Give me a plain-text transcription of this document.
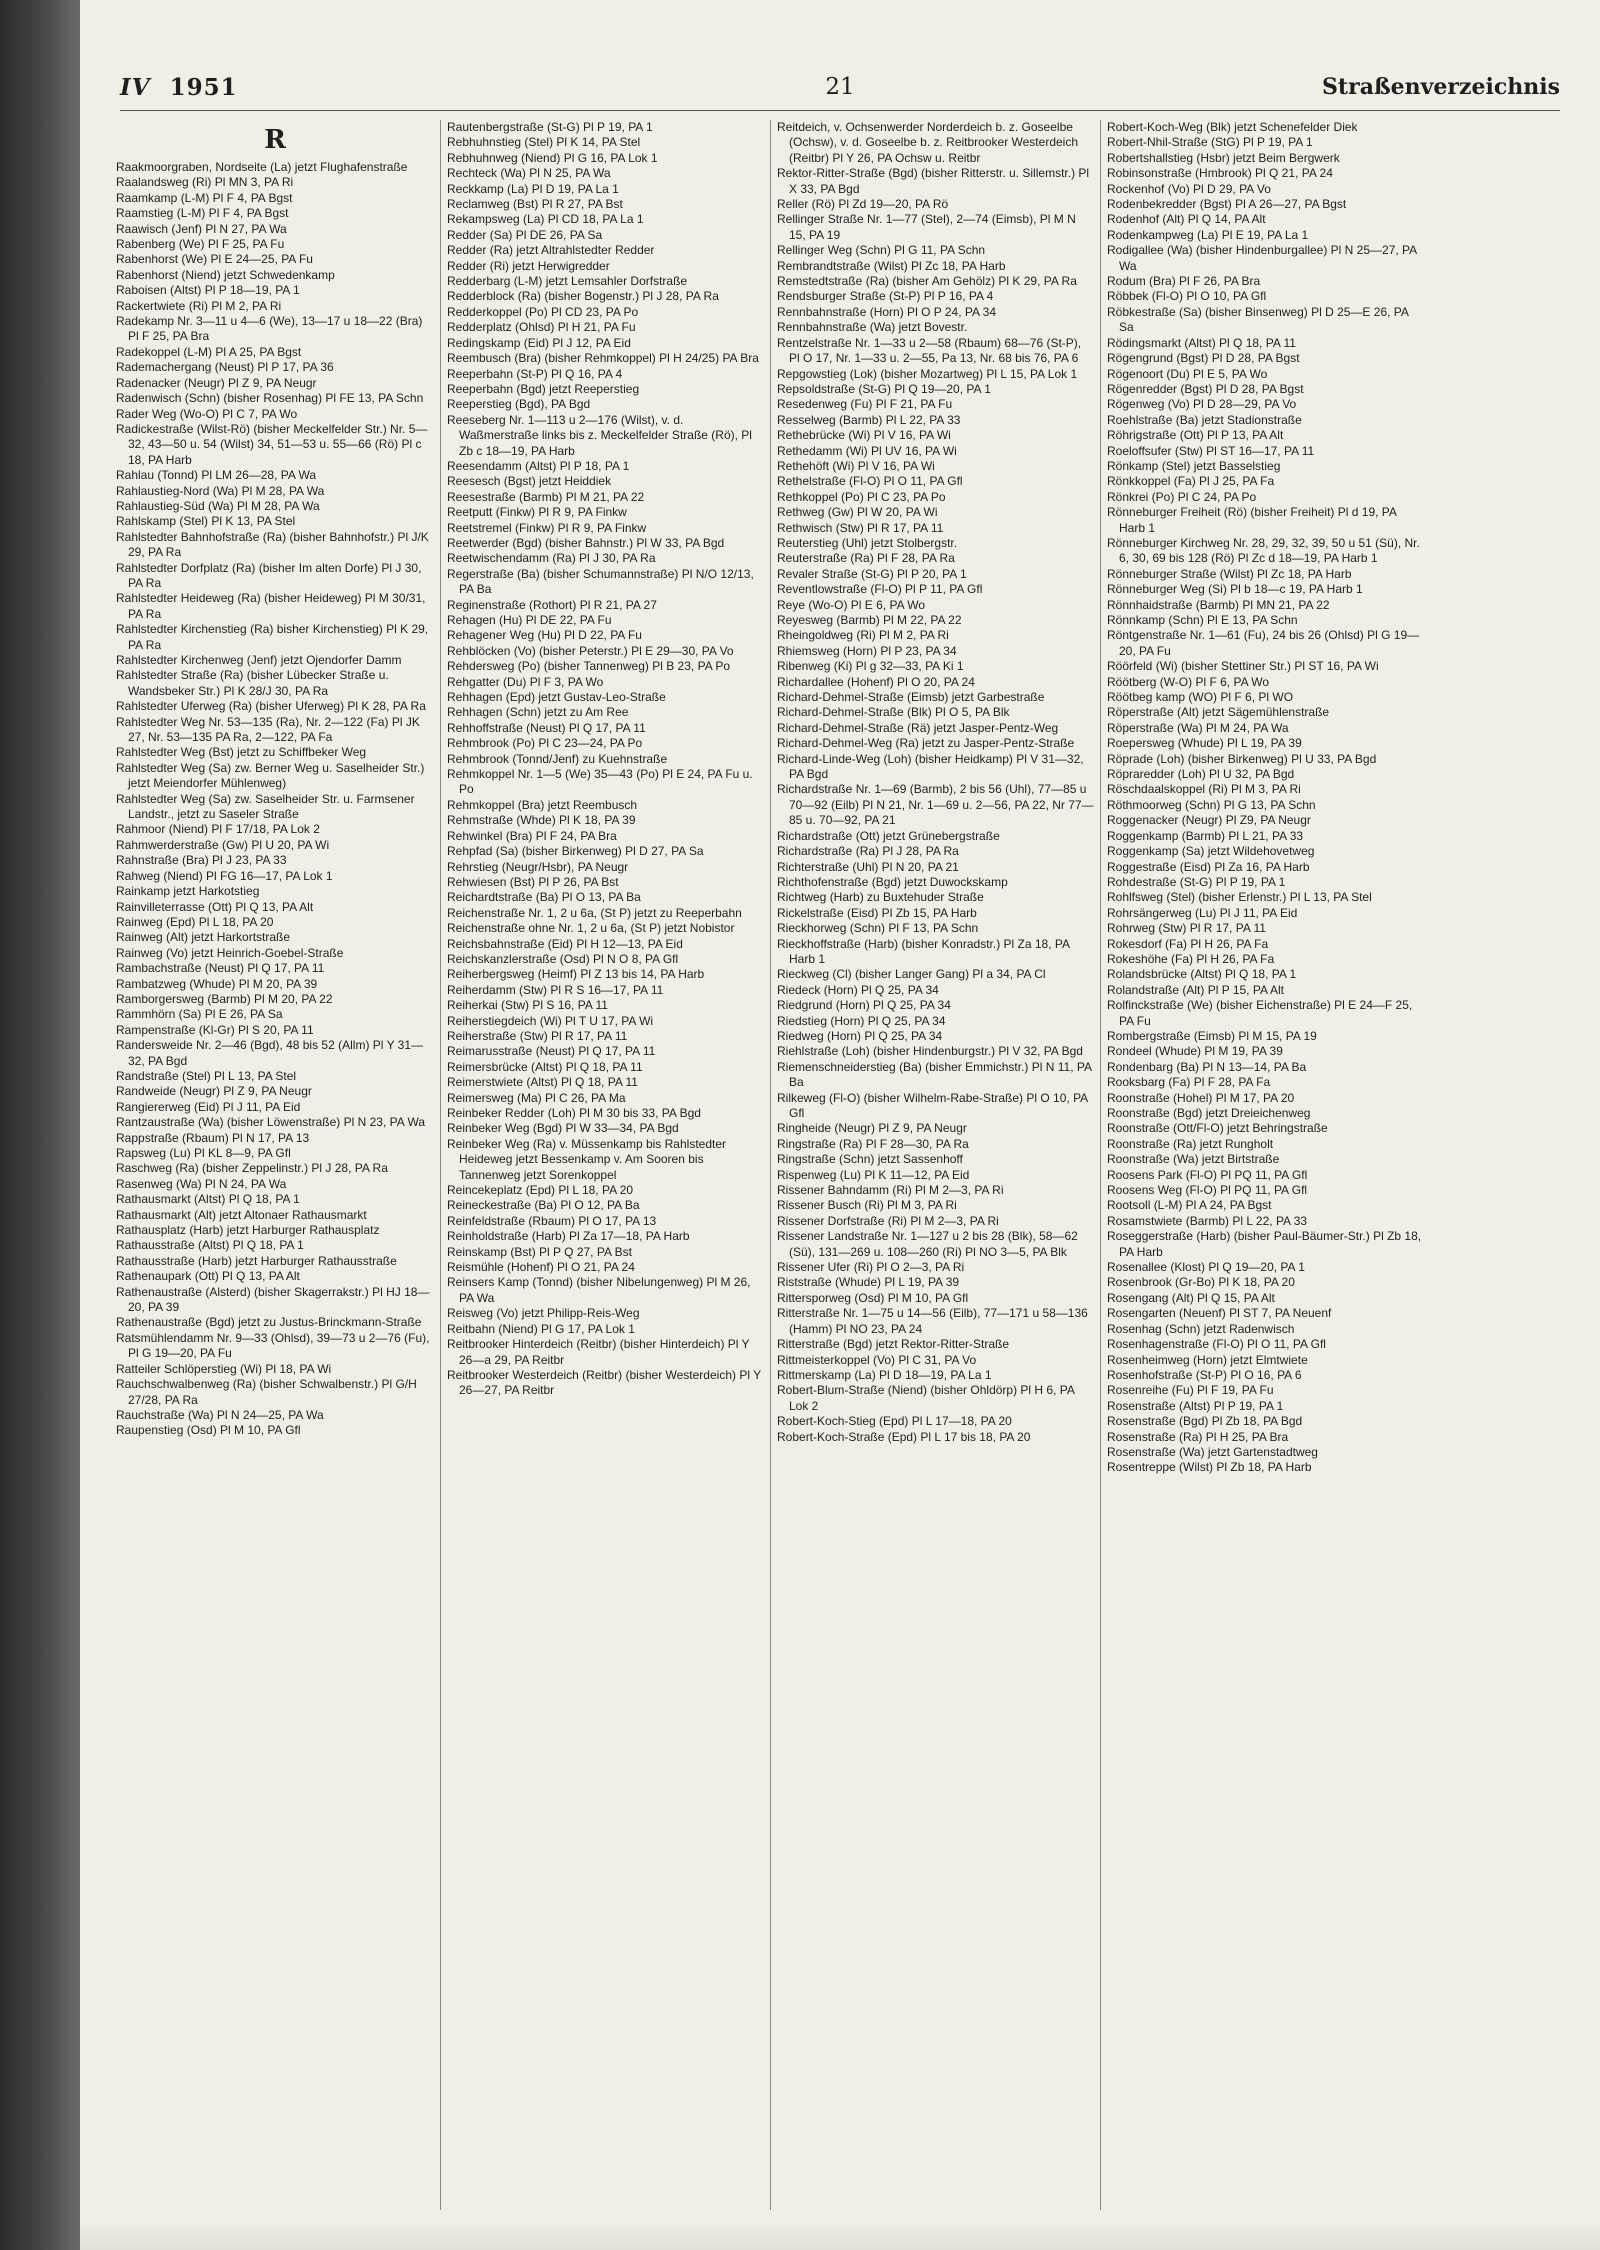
IV 1951	21	Straßenverzeichnis
R

Raakmoorgraben, Nordseite (La) jetzt Flughafenstraße

Raalandsweg (Ri) Pl MN 3, PA Ri

Raamkamp (L-M) Pl F 4, PA Bgst

Raamstieg (L-M) Pl F 4, PA Bgst

Raawisch (Jenf) Pl N 27, PA Wa

Rabenberg (We) Pl F 25, PA Fu

Rabenhorst (We) Pl E 24—25, PA Fu

Rabenhorst (Niend) jetzt Schwedenkamp

Raboisen (Altst) Pl P 18—19, PA 1

Rackertwiete (Ri) Pl M 2, PA Ri

Radekamp Nr. 3—11 u 4—6 (We), 13—17 u 18—22 (Bra) Pl F 25, PA Bra

Radekoppel (L-M) Pl A 25, PA Bgst

Rademachergang (Neust) Pl P 17, PA 36

Radenacker (Neugr) Pl Z 9, PA Neugr

Radenwisch (Schn) (bisher Rosenhag) Pl FE 13, PA Schn

Rader Weg (Wo-O) Pl C 7, PA Wo

Radickestraße (Wilst-Rö) (bisher Meckelfelder Str.) Nr. 5—32, 43—50 u. 54 (Wilst) 34, 51—53 u. 55—66 (Rö) Pl c 18, PA Harb

Rahlau (Tonnd) Pl LM 26—28, PA Wa

Rahlaustieg-Nord (Wa) Pl M 28, PA Wa

Rahlaustieg-Süd (Wa) Pl M 28, PA Wa

Rahlskamp (Stel) Pl K 13, PA Stel

Rahlstedter Bahnhofstraße (Ra) (bisher Bahnhofstr.) Pl J/K 29, PA Ra

Rahlstedter Dorfplatz (Ra) (bisher Im alten Dorfe) Pl J 30, PA Ra

Rahlstedter Heideweg (Ra) (bisher Heideweg) Pl M 30/31, PA Ra

Rahlstedter Kirchenstieg (Ra) bisher Kirchenstieg) Pl K 29, PA Ra

Rahlstedter Kirchenweg (Jenf) jetzt Ojendorfer Damm

Rahlstedter Straße (Ra) (bisher Lübecker Straße u. Wandsbeker Str.) Pl K 28/J 30, PA Ra

Rahlstedter Uferweg (Ra) (bisher Uferweg) Pl K 28, PA Ra

Rahlstedter Weg Nr. 53—135 (Ra), Nr. 2—122 (Fa) Pl JK 27, Nr. 53—135 PA Ra, 2—122, PA Fa

Rahlstedter Weg (Bst) jetzt zu Schiffbeker Weg

Rahlstedter Weg (Sa) zw. Berner Weg u. Saselheider Str.) jetzt Meiendorfer Mühlenweg)

Rahlstedter Weg (Sa) zw. Saselheider Str. u. Farmsener Landstr., jetzt zu Saseler Straße

Rahmoor (Niend) Pl F 17/18, PA Lok 2

Rahmwerderstraße (Gw) Pl U 20, PA Wi

Rahnstraße (Bra) Pl J 23, PA 33

Rahweg (Niend) Pl FG 16—17, PA Lok 1

Rainkamp jetzt Harkotstieg

Rainvilleterrasse (Ott) Pl Q 13, PA Alt

Rainweg (Epd) Pl L 18, PA 20

Rainweg (Alt) jetzt Harkortstraße

Rainweg (Vo) jetzt Heinrich-Goebel-Straße

Rambachstraße (Neust) Pl Q 17, PA 11

Rambatzweg (Whude) Pl M 20, PA 39

Ramborgersweg (Barmb) Pl M 20, PA 22

Rammhörn (Sa) Pl E 26, PA Sa

Rampenstraße (Kl-Gr) Pl S 20, PA 11

Randersweide Nr. 2—46 (Bgd), 48 bis 52 (Allm) Pl Y 31—32, PA Bgd

Randstraße (Stel) Pl L 13, PA Stel

Randweide (Neugr) Pl Z 9, PA Neugr

Rangiererweg (Eid) Pl J 11, PA Eid

Rantzaustraße (Wa) (bisher Löwenstraße) Pl N 23, PA Wa

Rappstraße (Rbaum) Pl N 17, PA 13

Rapsweg (Lu) Pl KL 8—9, PA Gfl

Raschweg (Ra) (bisher Zeppelinstr.) Pl J 28, PA Ra

Rasenweg (Wa) Pl N 24, PA Wa

Rathausmarkt (Altst) Pl Q 18, PA 1

Rathausmarkt (Alt) jetzt Altonaer Rathausmarkt

Rathausplatz (Harb) jetzt Harburger Rathausplatz

Rathausstraße (Altst) Pl Q 18, PA 1

Rathausstraße (Harb) jetzt Harburger Rathausstraße

Rathenaupark (Ott) Pl Q 13, PA Alt

Rathenaustraße (Alsterd) (bisher Skagerrakstr.) Pl HJ 18—20, PA 39

Rathenaustraße (Bgd) jetzt zu Justus-Brinckmann-Straße

Ratsmühlendamm Nr. 9—33 (Ohlsd), 39—73 u 2—76 (Fu), Pl G 19—20, PA Fu

Ratteiler Schlöperstieg (Wi) Pl 18, PA Wi

Rauchschwalbenweg (Ra) (bisher Schwalbenstr.) Pl G/H 27/28, PA Ra

Rauchstraße (Wa) Pl N 24—25, PA Wa

Raupenstieg (Osd) Pl M 10, PA Gfl

Rautenbergstraße (St-G) Pl P 19, PA 1

Rebhuhnstieg (Stel) Pl K 14, PA Stel

Rebhuhnweg (Niend) Pl G 16, PA Lok 1

Rechteck (Wa) Pl N 25, PA Wa

Reckkamp (La) Pl D 19, PA La 1

Reclamweg (Bst) Pl R 27, PA Bst

Rekampsweg (La) Pl CD 18, PA La 1

Redder (Sa) Pl DE 26, PA Sa

Redder (Ra) jetzt Altrahlstedter Redder

Redder (Ri) jetzt Herwigredder

Redderbarg (L-M) jetzt Lemsahler Dorfstraße

Redderblock (Ra) (bisher Bogenstr.) Pl J 28, PA Ra

Redderkoppel (Po) Pl CD 23, PA Po

Redderplatz (Ohlsd) Pl H 21, PA Fu

Redingskamp (Eid) Pl J 12, PA Eid

Reembusch (Bra) (bisher Rehmkoppel) Pl H 24/25) PA Bra

Reeperbahn (St-P) Pl Q 16, PA 4

Reeperbahn (Bgd) jetzt Reeperstieg

Reeperstieg (Bgd), PA Bgd

Reeseberg Nr. 1—113 u 2—176 (Wilst), v. d. Waßmerstraße links bis z. Meckelfelder Straße (Rö), Pl Zb c 18—19, PA Harb

Reesendamm (Altst) Pl P 18, PA 1

Reesesch (Bgst) jetzt Heiddiek

Reesestraße (Barmb) Pl M 21, PA 22

Reetputt (Finkw) Pl R 9, PA Finkw

Reetstremel (Finkw) Pl R 9, PA Finkw

Reetwerder (Bgd) (bisher Bahnstr.) Pl W 33, PA Bgd

Reetwischendamm (Ra) Pl J 30, PA Ra

Regerstraße (Ba) (bisher Schumannstraße) Pl N/O 12/13, PA Ba

Reginenstraße (Rothort) Pl R 21, PA 27

Rehagen (Hu) Pl DE 22, PA Fu

Rehagener Weg (Hu) Pl D 22, PA Fu

Rehblöcken (Vo) (bisher Peterstr.) Pl E 29—30, PA Vo

Rehdersweg (Po) (bisher Tannenweg) Pl B 23, PA Po

Rehgatter (Du) Pl F 3, PA Wo

Rehhagen (Epd) jetzt Gustav-Leo-Straße

Rehhagen (Schn) jetzt zu Am Ree

Rehhoffstraße (Neust) Pl Q 17, PA 11

Rehmbrook (Po) Pl C 23—24, PA Po

Rehmbrook (Tonnd/Jenf) zu Kuehnstraße

Rehmkoppel Nr. 1—5 (We) 35—43 (Po) Pl E 24, PA Fu u. Po

Rehmkoppel (Bra) jetzt Reembusch

Rehmstraße (Whde) Pl K 18, PA 39

Rehwinkel (Bra) Pl F 24, PA Bra

Rehpfad (Sa) (bisher Birkenweg) Pl D 27, PA Sa

Rehrstieg (Neugr/Hsbr), PA Neugr

Rehwiesen (Bst) Pl P 26, PA Bst

Reichardtstraße (Ba) Pl O 13, PA Ba

Reichenstraße Nr. 1, 2 u 6a, (St P) jetzt zu Reeperbahn

Reichenstraße ohne Nr. 1, 2 u 6a, (St P) jetzt Nobistor

Reichsbahnstraße (Eid) Pl H 12—13, PA Eid

Reichskanzlerstraße (Osd) Pl N O 8, PA Gfl

Reiherbergsweg (Heimf) Pl Z 13 bis 14, PA Harb

Reiherdamm (Stw) Pl R S 16—17, PA 11

Reiherkai (Stw) Pl S 16, PA 11

Reiherstiegdeich (Wi) Pl T U 17, PA Wi

Reiherstraße (Stw) Pl R 17, PA 11

Reimarusstraße (Neust) Pl Q 17, PA 11

Reimersbrücke (Altst) Pl Q 18, PA 11

Reimerstwiete (Altst) Pl Q 18, PA 11

Reimersweg (Ma) Pl C 26, PA Ma

Reinbeker Redder (Loh) Pl M 30 bis 33, PA Bgd

Reinbeker Weg (Bgd) Pl W 33—34, PA Bgd

Reinbeker Weg (Ra) v. Müssenkamp bis Rahlstedter Heideweg jetzt Bessenkamp v. Am Sooren bis Tannenweg jetzt Sorenkoppel

Reincekeplatz (Epd) Pl L 18, PA 20

Reineckestraße (Ba) Pl O 12, PA Ba

Reinfeldstraße (Rbaum) Pl O 17, PA 13

Reinholdstraße (Harb) Pl Za 17—18, PA Harb

Reinskamp (Bst) Pl P Q 27, PA Bst

Reismühle (Hohenf) Pl O 21, PA 24

Reinsers Kamp (Tonnd) (bisher Nibelungenweg) Pl M 26, PA Wa

Reisweg (Vo) jetzt Philipp-Reis-Weg

Reitbahn (Niend) Pl G 17, PA Lok 1

Reitbrooker Hinterdeich (Reitbr) (bisher Hinterdeich) Pl Y 26—a 29, PA Reitbr

Reitbrooker Westerdeich (Reitbr) (bisher Westerdeich) Pl Y 26—27, PA Reitbr

Reitdeich, v. Ochsenwerder Norderdeich b. z. Goseelbe (Ochsw), v. d. Goseelbe b. z. Reitbrooker Westerdeich (Reitbr) Pl Y 26, PA Ochsw u. Reitbr

Rektor-Ritter-Straße (Bgd) (bisher Ritterstr. u. Sillemstr.) Pl X 33, PA Bgd

Reller (Rö) Pl Zd 19—20, PA Rö

Rellinger Straße Nr. 1—77 (Stel), 2—74 (Eimsb), Pl M N 15, PA 19

Rellinger Weg (Schn) Pl G 11, PA Schn

Rembrandtstraße (Wilst) Pl Zc 18, PA Harb

Remstedtstraße (Ra) (bisher Am Gehölz) Pl K 29, PA Ra

Rendsburger Straße (St-P) Pl P 16, PA 4

Rennbahnstraße (Horn) Pl O P 24, PA 34

Rennbahnstraße (Wa) jetzt Bovestr.

Rentzelstraße Nr. 1—33 u 2—58 (Rbaum) 68—76 (St-P), Pl O 17, Nr. 1—33 u. 2—55, Pa 13, Nr. 68 bis 76, PA 6

Repgowstieg (Lok) (bisher Mozartweg) Pl L 15, PA Lok 1

Repsoldstraße (St-G) Pl Q 19—20, PA 1

Resedenweg (Fu) Pl F 21, PA Fu

Resselweg (Barmb) Pl L 22, PA 33

Rethebrücke (Wi) Pl V 16, PA Wi

Rethedamm (Wi) Pl UV 16, PA Wi

Rethehöft (Wi) Pl V 16, PA Wi

Rethelstraße (Fl-O) Pl O 11, PA Gfl

Rethkoppel (Po) Pl C 23, PA Po

Rethweg (Gw) Pl W 20, PA Wi

Rethwisch (Stw) Pl R 17, PA 11

Reuterstieg (Uhl) jetzt Stolbergstr.

Reuterstraße (Ra) Pl F 28, PA Ra

Revaler Straße (St-G) Pl P 20, PA 1

Reventlowstraße (Fl-O) Pl P 11, PA Gfl

Reye (Wo-O) Pl E 6, PA Wo

Reyesweg (Barmb) Pl M 22, PA 22

Rheingoldweg (Ri) Pl M 2, PA Ri

Rhiemsweg (Horn) Pl P 23, PA 34

Ribenweg (Ki) Pl g 32—33, PA Ki 1

Richardallee (Hohenf) Pl O 20, PA 24

Richard-Dehmel-Straße (Eimsb) jetzt Garbestraße

Richard-Dehmel-Straße (Blk) Pl O 5, PA Blk

Richard-Dehmel-Straße (Rä) jetzt Jasper-Pentz-Weg

Richard-Dehmel-Weg (Ra) jetzt zu Jasper-Pentz-Straße

Richard-Linde-Weg (Loh) (bisher Heidkamp) Pl V 31—32, PA Bgd

Richardstraße Nr. 1—69 (Barmb), 2 bis 56 (Uhl), 77—85 u 70—92 (Eilb) Pl N 21, Nr. 1—69 u. 2—56, PA 22, Nr 77—85 u. 70—92, PA 21

Richardstraße (Ott) jetzt Grünebergstraße

Richardstraße (Ra) Pl J 28, PA Ra

Richterstraße (Uhl) Pl N 20, PA 21

Richthofenstraße (Bgd) jetzt Duwockskamp

Richtweg (Harb) zu Buxtehuder Straße

Rickelstraße (Eisd) Pl Zb 15, PA Harb

Rieckhorweg (Schn) Pl F 13, PA Schn

Rieckhoffstraße (Harb) (bisher Konradstr.) Pl Za 18, PA Harb 1

Rieckweg (Cl) (bisher Langer Gang) Pl a 34, PA Cl

Riedeck (Horn) Pl Q 25, PA 34

Riedgrund (Horn) Pl Q 25, PA 34

Riedstieg (Horn) Pl Q 25, PA 34

Riedweg (Horn) Pl Q 25, PA 34

Riehlstraße (Loh) (bisher Hindenburgstr.) Pl V 32, PA Bgd

Riemenschneiderstieg (Ba) (bisher Emmichstr.) Pl N 11, PA Ba

Rilkeweg (Fl-O) (bisher Wilhelm-Rabe-Straße) Pl O 10, PA Gfl

Ringheide (Neugr) Pl Z 9, PA Neugr

Ringstraße (Ra) Pl F 28—30, PA Ra

Ringstraße (Schn) jetzt Sassenhoff

Rispenweg (Lu) Pl K 11—12, PA Eid

Rissener Bahndamm (Ri) Pl M 2—3, PA Ri

Rissener Busch (Ri) Pl M 3, PA Ri

Rissener Dorfstraße (Ri) Pl M 2—3, PA Ri

Rissener Landstraße Nr. 1—127 u 2 bis 28 (Blk), 58—62 (Sü), 131—269 u. 108—260 (Ri) Pl NO 3—5, PA Blk

Rissener Ufer (Ri) Pl O 2—3, PA Ri

Riststraße (Whude) Pl L 19, PA 39

Rittersporweg (Osd) Pl M 10, PA Gfl

Ritterstraße Nr. 1—75 u 14—56 (Eilb), 77—171 u 58—136 (Hamm) Pl NO 23, PA 24

Ritterstraße (Bgd) jetzt Rektor-Ritter-Straße

Rittmeisterkoppel (Vo) Pl C 31, PA Vo

Rittmerskamp (La) Pl D 18—19, PA La 1

Robert-Blum-Straße (Niend) (bisher Ohldörp) Pl H 6, PA Lok 2

Robert-Koch-Stieg (Epd) Pl L 17—18, PA 20

Robert-Koch-Straße (Epd) Pl L 17 bis 18, PA 20

Robert-Koch-Weg (Blk) jetzt Schenefelder Diek

Robert-Nhil-Straße (StG) Pl P 19, PA 1

Robertshallstieg (Hsbr) jetzt Beim Bergwerk

Robinsonstraße (Hmbrook) Pl Q 21, PA 24

Rockenhof (Vo) Pl D 29, PA Vo

Rodenbekredder (Bgst) Pl A 26—27, PA Bgst

Rodenhof (Alt) Pl Q 14, PA Alt

Rodenkampweg (La) Pl E 19, PA La 1

Rodigallee (Wa) (bisher Hindenburgallee) Pl N 25—27, PA Wa

Rodum (Bra) Pl F 26, PA Bra

Röbbek (Fl-O) Pl O 10, PA Gfl

Röbkestraße (Sa) (bisher Binsenweg) Pl D 25—E 26, PA Sa

Rödingsmarkt (Altst) Pl Q 18, PA 11

Rögengrund (Bgst) Pl D 28, PA Bgst

Rögenoort (Du) Pl E 5, PA Wo

Rögenredder (Bgst) Pl D 28, PA Bgst

Rögenweg (Vo) Pl D 28—29, PA Vo

Roehlstraße (Ba) jetzt Stadionstraße

Röhrigstraße (Ott) Pl P 13, PA Alt

Roeloffsufer (Stw) Pl ST 16—17, PA 11

Rönkamp (Stel) jetzt Basselstieg

Rönkkoppel (Fa) Pl J 25, PA Fa

Rönkrei (Po) Pl C 24, PA Po

Rönneburger Freiheit (Rö) (bisher Freiheit) Pl d 19, PA Harb 1

Rönneburger Kirchweg Nr. 28, 29, 32, 39, 50 u 51 (Sü), Nr. 6, 30, 69 bis 128 (Rö) Pl Zc d 18—19, PA Harb 1

Rönneburger Straße (Wilst) Pl Zc 18, PA Harb

Rönneburger Weg (Si) Pl b 18—c 19, PA Harb 1

Rönnhaidstraße (Barmb) Pl MN 21, PA 22

Rönnkamp (Schn) Pl E 13, PA Schn

Röntgenstraße Nr. 1—61 (Fu), 24 bis 26 (Ohlsd) Pl G 19—20, PA Fu

Röörfeld (Wi) (bisher Stettiner Str.) Pl ST 16, PA Wi

Röötberg (W-O) Pl F 6, PA Wo

Röötbeg kamp (WO) Pl F 6, Pl WO

Röperstraße (Alt) jetzt Sägemühlenstraße

Röperstraße (Wa) Pl M 24, PA Wa

Roepersweg (Whude) Pl L 19, PA 39

Röprade (Loh) (bisher Birkenweg) Pl U 33, PA Bgd

Röpraredder (Loh) Pl U 32, PA Bgd

Röschdaalskoppel (Ri) Pl M 3, PA Ri

Röthmoorweg (Schn) Pl G 13, PA Schn

Roggenacker (Neugr) Pl Z9, PA Neugr

Roggenkamp (Barmb) Pl L 21, PA 33

Roggenkamp (Sa) jetzt Wildehovetweg

Roggestraße (Eisd) Pl Za 16, PA Harb

Rohdestraße (St-G) Pl P 19, PA 1

Rohlfsweg (Stel) (bisher Erlenstr.) Pl L 13, PA Stel

Rohrsängerweg (Lu) Pl J 11, PA Eid

Rohrweg (Stw) Pl R 17, PA 11

Rokesdorf (Fa) Pl H 26, PA Fa

Rokeshöhe (Fa) Pl H 26, PA Fa

Rolandsbrücke (Altst) Pl Q 18, PA 1

Rolandstraße (Alt) Pl P 15, PA Alt

Rolfinckstraße (We) (bisher Eichenstraße) Pl E 24—F 25, PA Fu

Rombergstraße (Eimsb) Pl M 15, PA 19

Rondeel (Whude) Pl M 19, PA 39

Rondenbarg (Ba) Pl N 13—14, PA Ba

Rooksbarg (Fa) Pl F 28, PA Fa

Roonstraße (Hohel) Pl M 17, PA 20

Roonstraße (Bgd) jetzt Dreieichenweg

Roonstraße (Ott/Fl-O) jetzt Behringstraße

Roonstraße (Ra) jetzt Rungholt

Roonstraße (Wa) jetzt Birtstraße

Roosens Park (Fl-O) Pl PQ 11, PA Gfl

Roosens Weg (Fl-O) Pl PQ 11, PA Gfl

Rootsoll (L-M) Pl A 24, PA Bgst

Rosamstwiete (Barmb) Pl L 22, PA 33

Roseggerstraße (Harb) (bisher Paul-Bäumer-Str.) Pl Zb 18, PA Harb

Rosenallee (Klost) Pl Q 19—20, PA 1

Rosenbrook (Gr-Bo) Pl K 18, PA 20

Rosengang (Alt) Pl Q 15, PA Alt

Rosengarten (Neuenf) Pl ST 7, PA Neuenf

Rosenhag (Schn) jetzt Radenwisch

Rosenhagenstraße (Fl-O) Pl O 11, PA Gfl

Rosenheimweg (Horn) jetzt Elmtwiete

Rosenhofstraße (St-P) Pl O 16, PA 6

Rosenreihe (Fu) Pl F 19, PA Fu

Rosenstraße (Altst) Pl P 19, PA 1

Rosenstraße (Bgd) Pl Zb 18, PA Bgd

Rosenstraße (Ra) Pl H 25, PA Bra

Rosenstraße (Wa) jetzt Gartenstadtweg

Rosentreppe (Wilst) Pl Zb 18, PA Harb
